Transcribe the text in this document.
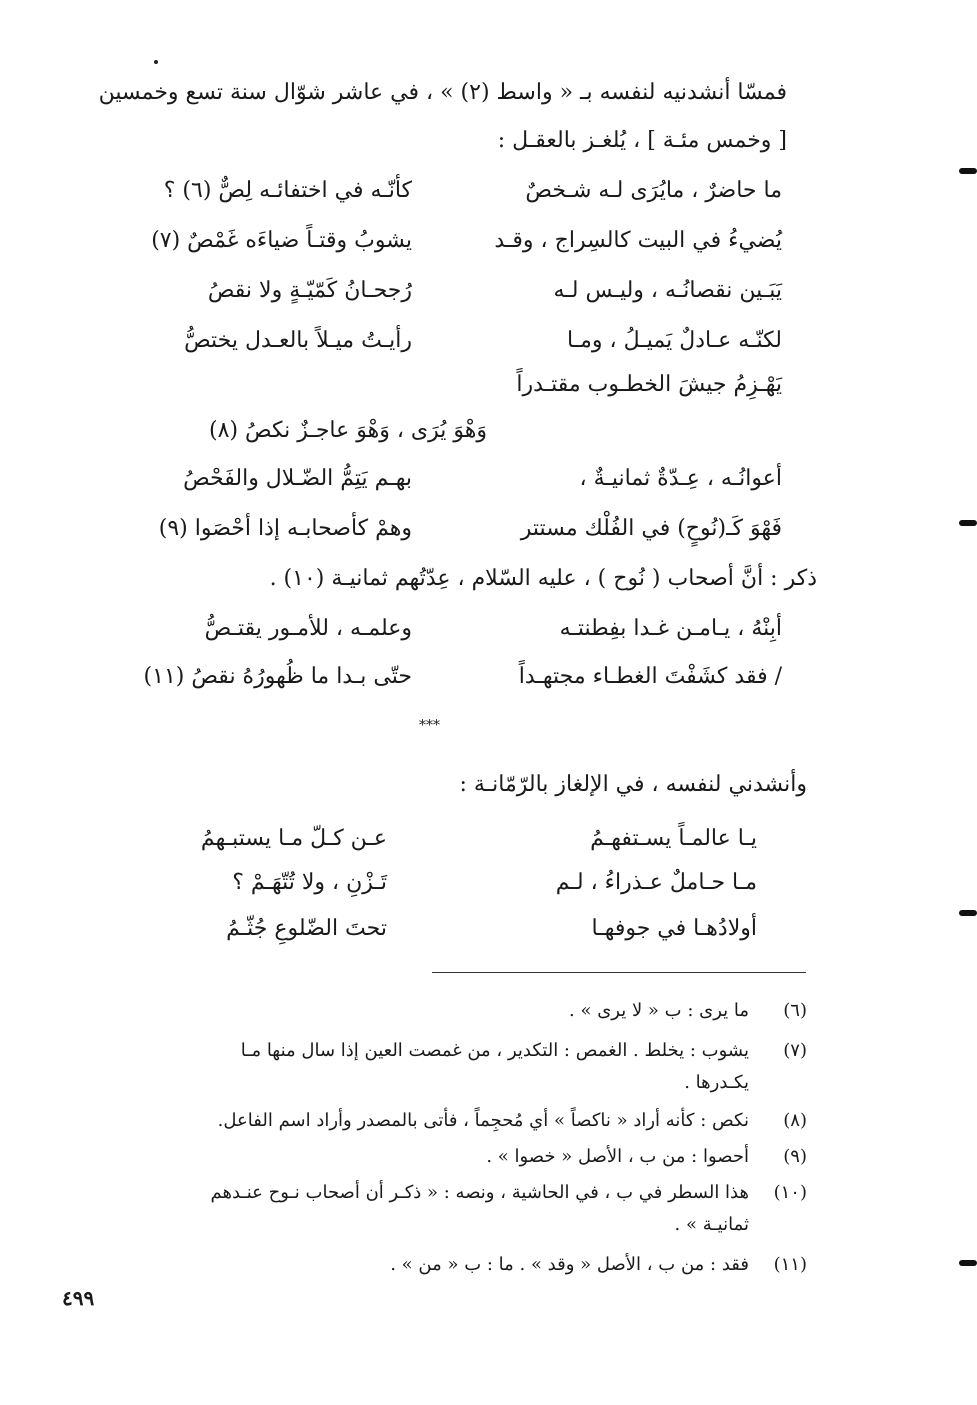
فمسّا أنشدنيه لنفسه بـ « واسط (٢) » ، في عاشر شوّال سنة تسع وخمسين
[ وخمس مئـة ] ، يُلغـز بالعقـل :
ما حاضرٌ ، مايُرَى لـه شـخصٌ
كأنّـه في اختفائـه لِصٌّ (٦) ؟
يُضيءُ في البيت كالسِراج ، وقـد
يشوبُ وقتـاً ضياءَه غَمْصٌ (٧)
يَبَـين نقصانُـه ، وليـس لـه
رُجحـانُ كَمّيّـةٍ ولا نقصُ
لكنّـه عـادلٌ يَميـلُ ، ومـا
رأيـتُ ميـلاً بالعـدل يختصُّ
يَهْـزِمُ جيشَ الخطـوب مقتـدراً
وَهْوَ يُرَى ، وَهْوَ عاجـزٌ نكصُ (٨)
أعوانُـه ، عِـدّةٌ ثمانيـةٌ ،
بهـم يَتِمُّ الضّـلال والفَحْصُ
فَهْوَ كَـ(نُوحٍ) في الفُلْك مستتر
وهمْ كأصحابـه إذا أحْصَوا (٩)
ذكر : أنَّ أصحاب ( نُوح ) ، عليه السّلام ، عِدّتُهم ثمانيـة (١٠) .
أبِنْهُ ، يـامـن غـدا بفِطنتـه
وعلمـه ، للأمـور يقتـصُّ
/ فقد كشَفْتَ الغطـاء مجتهـداً
حتّى بـدا ما ظُهورُهُ نقصُ (١١)
⁎⁎⁎
وأنشدني لنفسه ، في الإلغاز بالرّمّانـة :
يـا عالمـاً يسـتفهـمُ
عـن كـلّ مـا يستبـهمُ
مـا حـاملٌ عـذراءُ ، لـم
تَـزْنِ ، ولا تُتّهَـمْ ؟
أولادُهـا في جوفهـا
تحتَ الضّلوعِ جُثّـمُ
(٦)
ما يرى : ب « لا يرى » .
(٧)
يشوب : يخلط . الغمص : التكدير ، من غمصت العين إذا سال منها مـا
يكـدرها .
(٨)
نكص : كأنه أراد « ناكصاً » أي مُحجِماً ، فأتى بالمصدر وأراد اسم الفاعل.
(٩)
أحصوا : من ب ، الأصل « خصوا » .
(١٠)
هذا السطر في ب ، في الحاشية ، ونصه : « ذكـر أن أصحاب نـوح عنـدهم
ثمانيـة » .
(١١)
فقد : من ب ، الأصل « وقد » . ما : ب « من » .
٤٩٩
